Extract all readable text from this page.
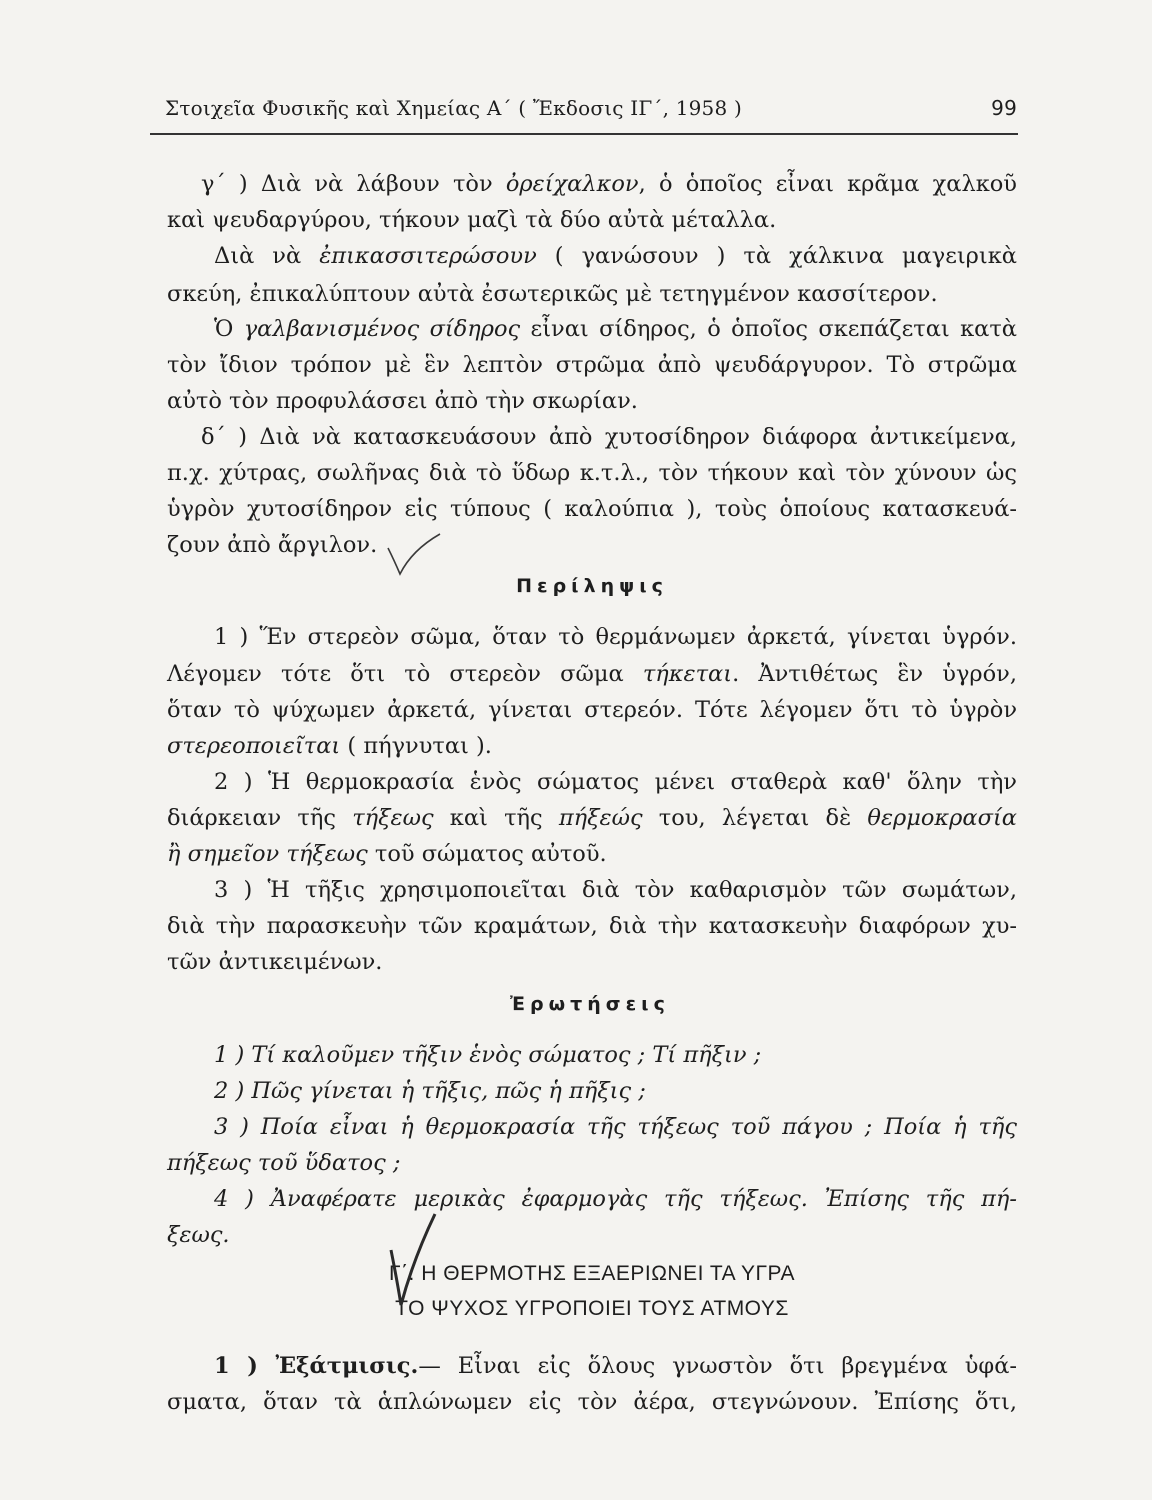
Στοιχεῖα Φυσικῆς καὶ Χημείας Α΄ ( Ἔκδοσις ΙΓ΄, 1958 )	99
γ΄ ) Διὰ νὰ λάβουν τὸν ὀρείχαλκον, ὁ ὁποῖος εἶναι κρᾶμα χαλκοῦ
καὶ ψευδαργύρου, τήκουν μαζὶ τὰ δύο αὐτὰ μέταλλα.
Διὰ νὰ ἐπικασσιτερώσουν ( γανώσουν ) τὰ χάλκινα μαγειρικὰ
σκεύη, ἐπικαλύπτουν αὐτὰ ἐσωτερικῶς μὲ τετηγμένον κασσίτερον.
Ὁ γαλβανισμένος σίδηρος εἶναι σίδηρος, ὁ ὁποῖος σκεπάζεται κατὰ
τὸν ἴδιον τρόπον μὲ ἓν λεπτὸν στρῶμα ἀπὸ ψευδάργυρον. Τὸ στρῶμα
αὐτὸ τὸν προφυλάσσει ἀπὸ τὴν σκωρίαν.
δ΄ ) Διὰ νὰ κατασκευάσουν ἀπὸ χυτοσίδηρον διάφορα ἀντικείμενα,
π.χ. χύτρας, σωλῆνας διὰ τὸ ὕδωρ κ.τ.λ., τὸν τήκουν καὶ τὸν χύνουν ὡς
ὑγρὸν χυτοσίδηρον εἰς τύπους ( καλούπια ), τοὺς ὁποίους κατασκευά-
ζουν ἀπὸ ἄργιλον.
Περίληψις
1 ) Ἕν στερεὸν σῶμα, ὅταν τὸ θερμάνωμεν ἀρκετά, γίνεται ὑγρόν.
Λέγομεν τότε ὅτι τὸ στερεὸν σῶμα τήκεται. Ἀντιθέτως ἓν ὑγρόν,
ὅταν τὸ ψύχωμεν ἀρκετά, γίνεται στερεόν. Τότε λέγομεν ὅτι τὸ ὑγρὸν
στερεοποιεῖται ( πήγνυται ).
2 ) Ἡ θερμοκρασία ἑνὸς σώματος μένει σταθερὰ καθ' ὅλην τὴν
διάρκειαν τῆς τήξεως καὶ τῆς πήξεώς του, λέγεται δὲ θερμοκρασία
ἢ σημεῖον τήξεως τοῦ σώματος αὐτοῦ.
3 ) Ἡ τῆξις χρησιμοποιεῖται διὰ τὸν καθαρισμὸν τῶν σωμάτων,
διὰ τὴν παρασκευὴν τῶν κραμάτων, διὰ τὴν κατασκευὴν διαφόρων χυ-
τῶν ἀντικειμένων.
Ἐρωτήσεις
1 ) Τί καλοῦμεν τῆξιν ἑνὸς σώματος ; Τί πῆξιν ;
2 ) Πῶς γίνεται ἡ τῆξις, πῶς ἡ πῆξις ;
3 ) Ποία εἶναι ἡ θερμοκρασία τῆς τήξεως τοῦ πάγου ; Ποία ἡ τῆς
πήξεως τοῦ ὕδατος ;
4 ) Ἀναφέρατε μερικὰς ἐφαρμογὰς τῆς τήξεως. Ἐπίσης τῆς πή-
ξεως.
Γ΄. Η ΘΕΡΜΟΤΗΣ ΕΞΑΕΡΙΩΝΕΙ ΤΑ ΥΓΡΑ
ΤΟ ΨΥΧΟΣ ΥΓΡΟΠΟΙΕΙ ΤΟΥΣ ΑΤΜΟΥΣ
1 ) Ἐξάτμισις.— Εἶναι εἰς ὅλους γνωστὸν ὅτι βρεγμένα ὑφά-
σματα, ὅταν τὰ ἁπλώνωμεν εἰς τὸν ἀέρα, στεγνώνουν. Ἐπίσης ὅτι,
